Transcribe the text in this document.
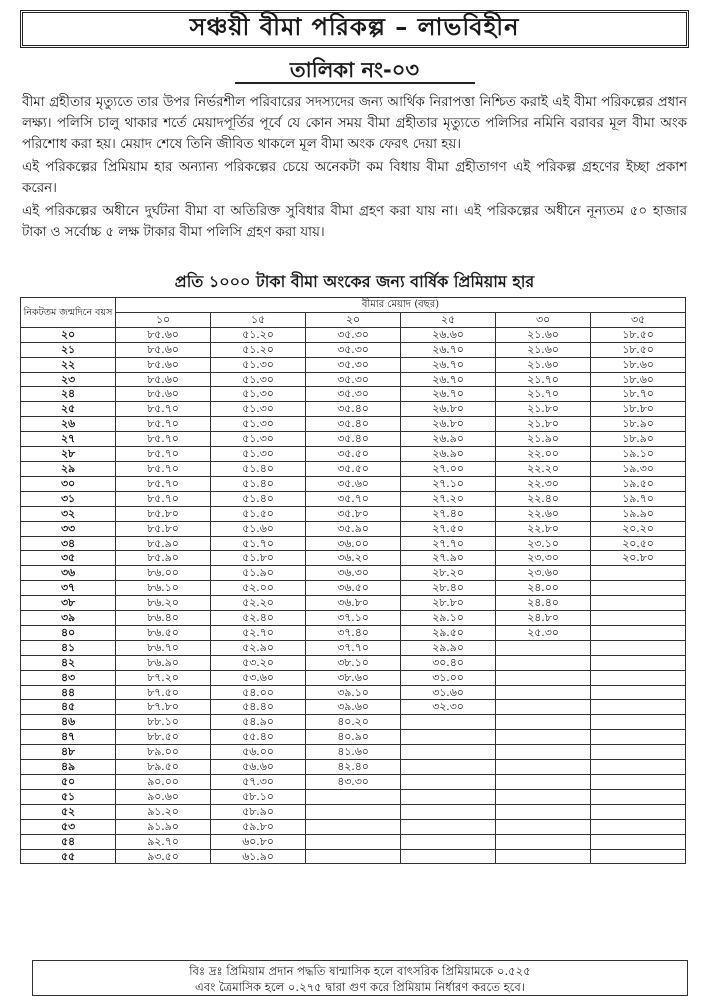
সঞ্চয়ী বীমা পরিকল্প – লাভবিহীন
তালিকা নং-০৩

বীমা গ্রহীতার মৃত্যুতে তার উপর নির্ভরশীল পরিবারের সদস্যদের জন্য আর্থিক নিরাপত্তা নিশ্চিত করাই এই বীমা পরিকল্পের প্রধান লক্ষ্য। পলিসি চালু থাকার শর্তে মেয়াদপূর্তির পূর্বে যে কোন সময় বীমা গ্রহীতার মৃত্যুতে পলিসির নমিনি বরাবর মূল বীমা অংক পরিশোধ করা হয়। মেয়াদ শেষে তিনি জীবিত থাকলে মূল বীমা অংক ফেরৎ দেয়া হয়।

এই পরিকল্পের প্রিমিয়াম হার অন্যান্য পরিকল্পের চেয়ে অনেকটা কম বিধায় বীমা গ্রহীতাগণ এই পরিকল্প গ্রহণের ইচ্ছা প্রকাশ করেন।

এই পরিকল্পের অধীনে দুর্ঘটনা বীমা বা অতিরিক্ত সুবিধার বীমা গ্রহণ করা যায় না। এই পরিকল্পের অধীনে নূন্যতম ৫০ হাজার টাকা ও সর্বোচ্চ ৫ লক্ষ টাকার বীমা পলিসি গ্রহণ করা যায়।

প্রতি ১০০০ টাকা বীমা অংকের জন্য বার্ষিক প্রিমিয়াম হার
নিকটতম জন্মদিনে বয়স	বীমার মেয়াদ (বছর)					
	১০	১৫	২০	২৫	৩০	৩৫
২০	৮৫.৬০	৫১.২০	৩৫.৩০	২৬.৬০	২১.৬০	১৮.৫০
২১	৮৫.৬০	৫১.২০	৩৫.৩০	২৬.৭০	২১.৬০	১৮.৫০
২২	৮৫.৬০	৫১.৩০	৩৫.৩০	২৬.৭০	২১.৬০	১৮.৬০
২৩	৮৫.৬০	৫১.৩০	৩৫.৩০	২৬.৭০	২১.৭০	১৮.৬০
২৪	৮৫.৬০	৫১.৩০	৩৫.৩০	২৬.৭০	২১.৭০	১৮.৭০
২৫	৮৫.৭০	৫১.৩০	৩৫.৪০	২৬.৮০	২১.৮০	১৮.৮০
২৬	৮৫.৭০	৫১.৩০	৩৫.৪০	২৬.৮০	২১.৮০	১৮.৯০
২৭	৮৫.৭০	৫১.৩০	৩৫.৪০	২৬.৯০	২১.৯০	১৮.৯০
২৮	৮৫.৭০	৫১.৩০	৩৫.৫০	২৬.৯০	২২.০০	১৯.১০
২৯	৮৫.৭০	৫১.৪০	৩৫.৫০	২৭.০০	২২.২০	১৯.৩০
৩০	৮৫.৭০	৫১.৪০	৩৫.৬০	২৭.১০	২২.৩০	১৯.৫০
৩১	৮৫.৭০	৫১.৪০	৩৫.৭০	২৭.২০	২২.৪০	১৯.৭০
৩২	৮৫.৮০	৫১.৫০	৩৫.৮০	২৭.৪০	২২.৬০	১৯.৯০
৩৩	৮৫.৮০	৫১.৬০	৩৫.৯০	২৭.৫০	২২.৮০	২০.২০
৩৪	৮৫.৯০	৫১.৭০	৩৬.০০	২৭.৭০	২৩.১০	২০.৫০
৩৫	৮৫.৯০	৫১.৮০	৩৬.২০	২৭.৯০	২৩.৩০	২০.৮০
৩৬	৮৬.০০	৫১.৯০	৩৬.৩০	২৮.২০	২৩.৬০	
৩৭	৮৬.১০	৫২.০০	৩৬.৫০	২৮.৪০	২৪.০০	
৩৮	৮৬.২০	৫২.২০	৩৬.৮০	২৮.৮০	২৪.৪০	
৩৯	৮৬.৪০	৫২.৪০	৩৭.১০	২৯.১০	২৪.৮০	
৪০	৮৬.৫০	৫২.৭০	৩৭.৪০	২৯.৫০	২৫.৩০	
৪১	৮৬.৭০	৫২.৯০	৩৭.৭০	২৯.৯০		
৪২	৮৬.৯০	৫৩.২০	৩৮.১০	৩০.৪০		
৪৩	৮৭.২০	৫৩.৬০	৩৮.৬০	৩১.০০		
৪৪	৮৭.৫০	৫৪.০০	৩৯.১০	৩১.৬০		
৪৫	৮৭.৮০	৫৪.৪০	৩৯.৬০	৩২.৩০		
৪৬	৮৮.১০	৫৪.৯০	৪০.২০			
৪৭	৮৮.৫০	৫৫.৪০	৪০.৯০			
৪৮	৮৯.০০	৫৬.০০	৪১.৬০			
৪৯	৮৯.৫০	৫৬.৬০	৪২.৪০			
৫০	৯০.০০	৫৭.৩০	৪৩.৩০			
৫১	৯০.৬০	৫৮.১০				
৫২	৯১.২০	৫৮.৯০				
৫৩	৯১.৯০	৫৯.৮০				
৫৪	৯২.৭০	৬০.৮০				
৫৫	৯৩.৫০	৬১.৯০				
বিঃ দ্রঃ প্রিমিয়াম প্রদান পদ্ধতি ষান্মাসিক হলে বাৎসরিক প্রিমিয়ামকে ০.৫২৫
এবং ত্রৈমাসিক হলে ০.২৭৫ দ্বারা গুণ করে প্রিমিয়াম নির্ধারণ করতে হবে।
